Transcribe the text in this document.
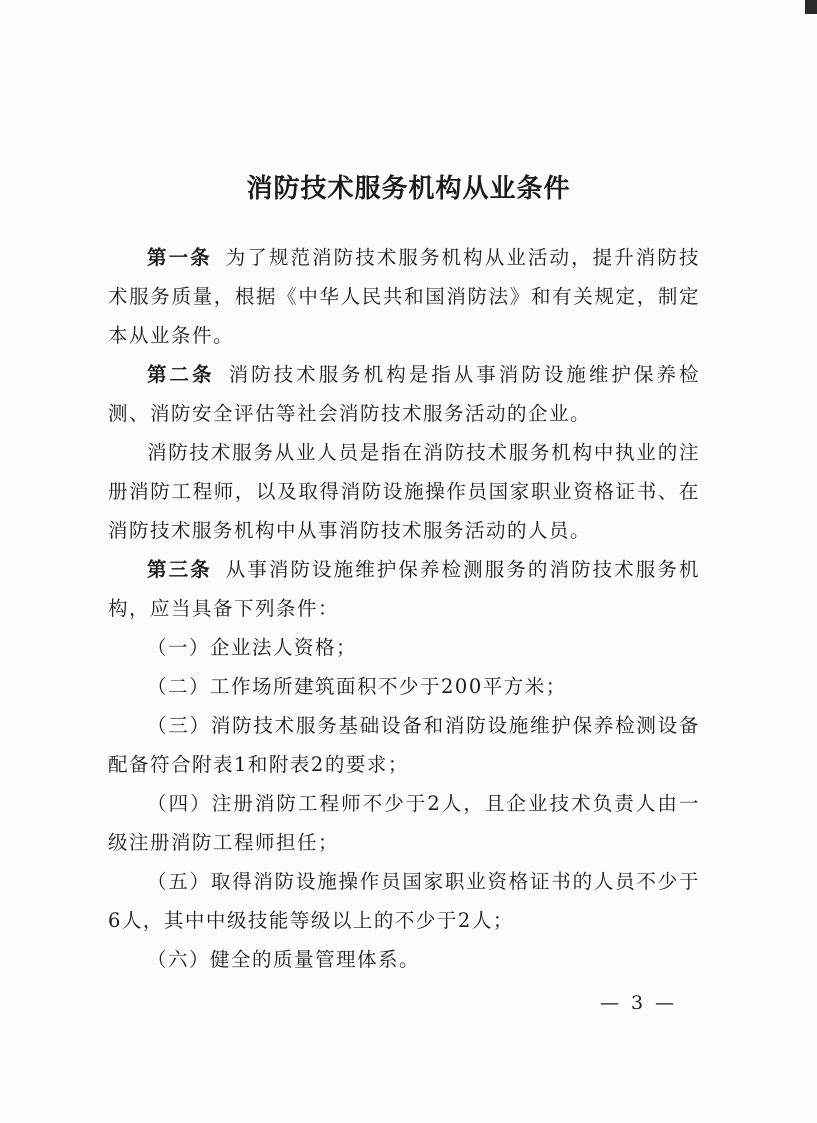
消防技术服务机构从业条件

第一条 为了规范消防技术服务机构从业活动，提升消防技术服务质量，根据《中华人民共和国消防法》和有关规定，制定本从业条件。

第二条 消防技术服务机构是指从事消防设施维护保养检测、消防安全评估等社会消防技术服务活动的企业。

消防技术服务从业人员是指在消防技术服务机构中执业的注册消防工程师，以及取得消防设施操作员国家职业资格证书、在消防技术服务机构中从事消防技术服务活动的人员。

第三条 从事消防设施维护保养检测服务的消防技术服务机构，应当具备下列条件：

（一）企业法人资格；

（二）工作场所建筑面积不少于200平方米；

（三）消防技术服务基础设备和消防设施维护保养检测设备配备符合附表1和附表2的要求；

（四）注册消防工程师不少于2人，且企业技术负责人由一级注册消防工程师担任；

（五）取得消防设施操作员国家职业资格证书的人员不少于6人，其中中级技能等级以上的不少于2人；

（六）健全的质量管理体系。

— 3 —
